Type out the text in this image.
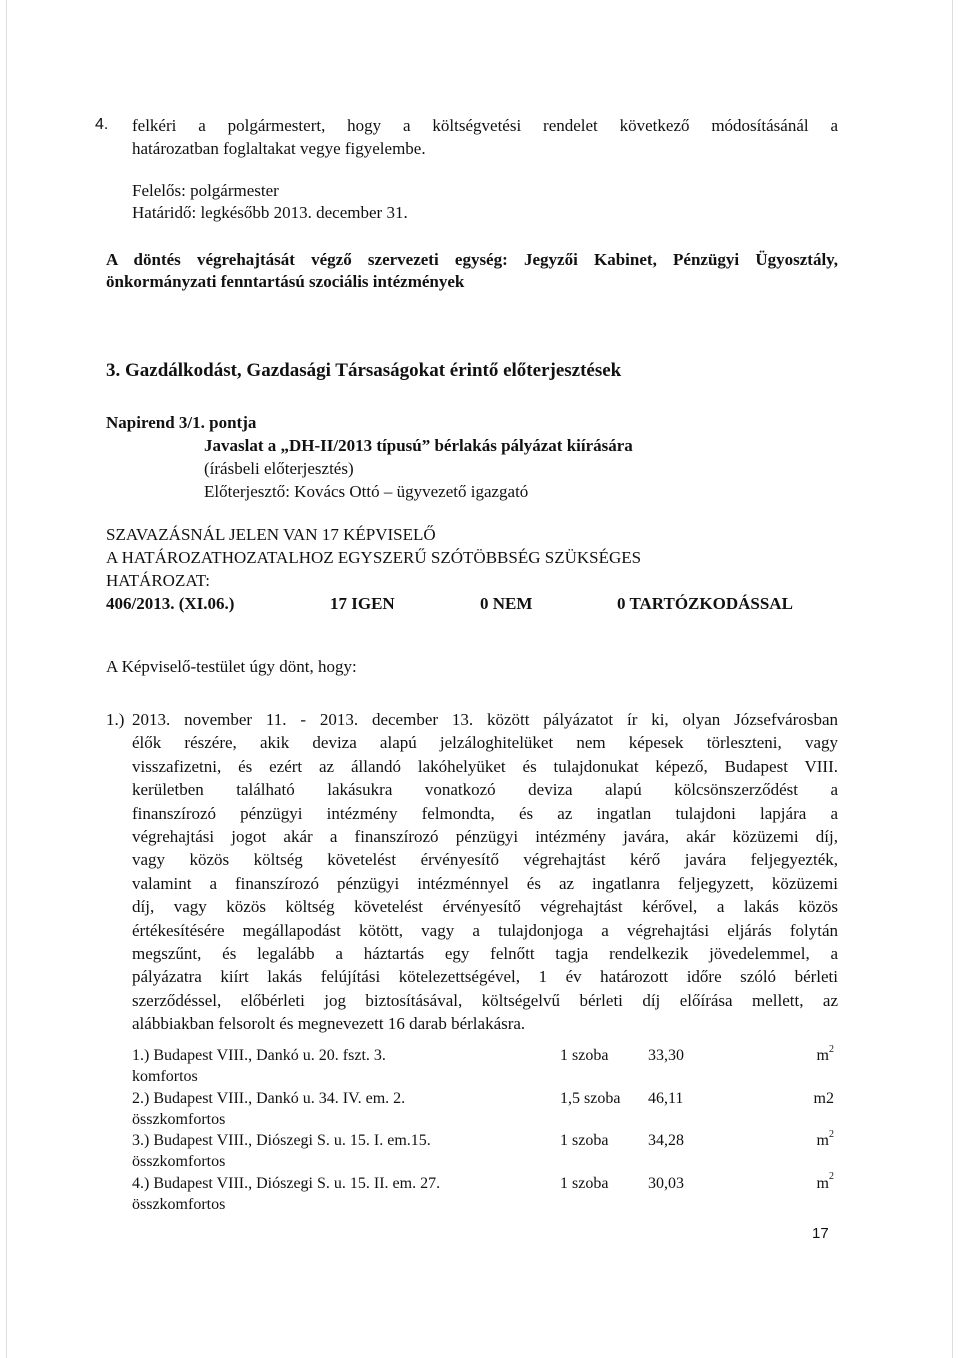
4. felkéri a polgármestert, hogy a költségvetési rendelet következő módosításánál a
határozatban foglaltakat vegye figyelembe.
Felelős: polgármester
Határidő: legkésőbb 2013. december 31.
A döntés végrehajtását végző szervezeti egység: Jegyzői Kabinet, Pénzügyi Ügyosztály,
önkormányzati fenntartású szociális intézmények
3. Gazdálkodást, Gazdasági Társaságokat érintő előterjesztések
Napirend 3/1. pontja
Javaslat a „DH-II/2013 típusú” bérlakás pályázat kiírására
(írásbeli előterjesztés)
Előterjesztő: Kovács Ottó – ügyvezető igazgató
SZAVAZÁSNÁL JELEN VAN 17 KÉPVISELŐ
A HATÁROZATHOZATALHOZ EGYSZERŰ SZÓTÖBBSÉG SZÜKSÉGES
HATÁROZAT:
406/2013. (XI.06.)	17 IGEN	0 NEM	0 TARTÓZKODÁSSAL
A Képviselő-testület úgy dönt, hogy:
1.) 2013. november 11. - 2013. december 13. között pályázatot ír ki, olyan Józsefvárosban
élők részére, akik deviza alapú jelzáloghitelüket nem képesek törleszteni, vagy
visszafizetni, és ezért az állandó lakóhelyüket és tulajdonukat képező, Budapest VIII.
kerületben található lakásukra vonatkozó deviza alapú kölcsönszerződést a
finanszírozó pénzügyi intézmény felmondta, és az ingatlan tulajdoni lapjára a
végrehajtási jogot akár a finanszírozó pénzügyi intézmény javára, akár közüzemi díj,
vagy közös költség követelést érvényesítő végrehajtást kérő javára feljegyezték,
valamint a finanszírozó pénzügyi intézménnyel és az ingatlanra feljegyzett, közüzemi
díj, vagy közös költség követelést érvényesítő végrehajtást kérővel, a lakás közös
értékesítésére megállapodást kötött, vagy a tulajdonjoga a végrehajtási eljárás folytán
megszűnt, és legalább a háztartás egy felnőtt tagja rendelkezik jövedelemmel, a
pályázatra kiírt lakás felújítási kötelezettségével, 1 év határozott időre szóló bérleti
szerződéssel, előbérleti jog biztosításával, költségelvű bérleti díj előírása mellett, az
alábbiakban felsorolt és megnevezett 16 darab bérlakásra.
1.) Budapest VIII., Dankó u. 20. fszt. 3.	1 szoba 33,30	$m^2$
komfortos
2.) Budapest VIII., Dankó u. 34. IV. em. 2.	1,5 szoba 46,11	m2
összkomfortos
3.) Budapest VIII., Diószegi S. u. 15. I. em.15.	1 szoba 34,28	$m^2$
összkomfortos
4.) Budapest VIII., Diószegi S. u. 15. II. em. 27.	1 szoba 30,03	$m^2$
összkomfortos
17
